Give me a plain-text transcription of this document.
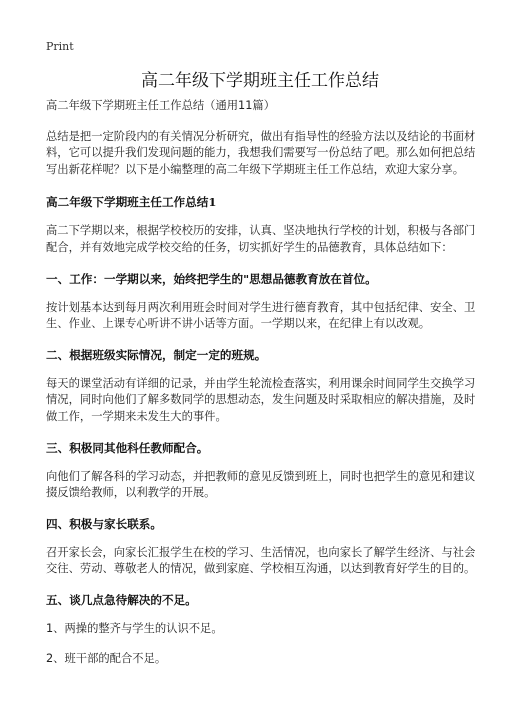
Print
高二年级下学期班主任工作总结

高二年级下学期班主任工作总结（通用11篇）

总结是把一定阶段内的有关情况分析研究，做出有指导性的经验方法以及结论的书面材料，它可以提升我们发现问题的能力，我想我们需要写一份总结了吧。那么如何把总结写出新花样呢？以下是小编整理的高二年级下学期班主任工作总结，欢迎大家分享。

高二年级下学期班主任工作总结1

高二下学期以来，根据学校校历的安排，认真、坚决地执行学校的计划，积极与各部门配合，并有效地完成学校交给的任务，切实抓好学生的品德教育，具体总结如下：

一、工作：一学期以来，始终把学生的"思想品德教育放在首位。

按计划基本达到每月两次利用班会时间对学生进行德育教育，其中包括纪律、安全、卫生、作业、上课专心听讲不讲小话等方面。一学期以来，在纪律上有以改观。

二、根据班级实际情况，制定一定的班规。

每天的课堂活动有详细的记录，并由学生轮流检查落实，利用课余时间同学生交换学习情况，同时向他们了解多数同学的思想动态，发生问题及时采取相应的解决措施，及时做工作，一学期来未发生大的事件。

三、积极同其他科任教师配合。

向他们了解各科的学习动态，并把教师的意见反馈到班上，同时也把学生的意见和建议掇反馈给教师，以利教学的开展。

四、积极与家长联系。

召开家长会，向家长汇报学生在校的学习、生活情况，也向家长了解学生经济、与社会交往、劳动、尊敬老人的情况，做到家庭、学校相互沟通，以达到教育好学生的目的。

五、谈几点急待解决的不足。

1、两操的整齐与学生的认识不足。

2、班干部的配合不足。
